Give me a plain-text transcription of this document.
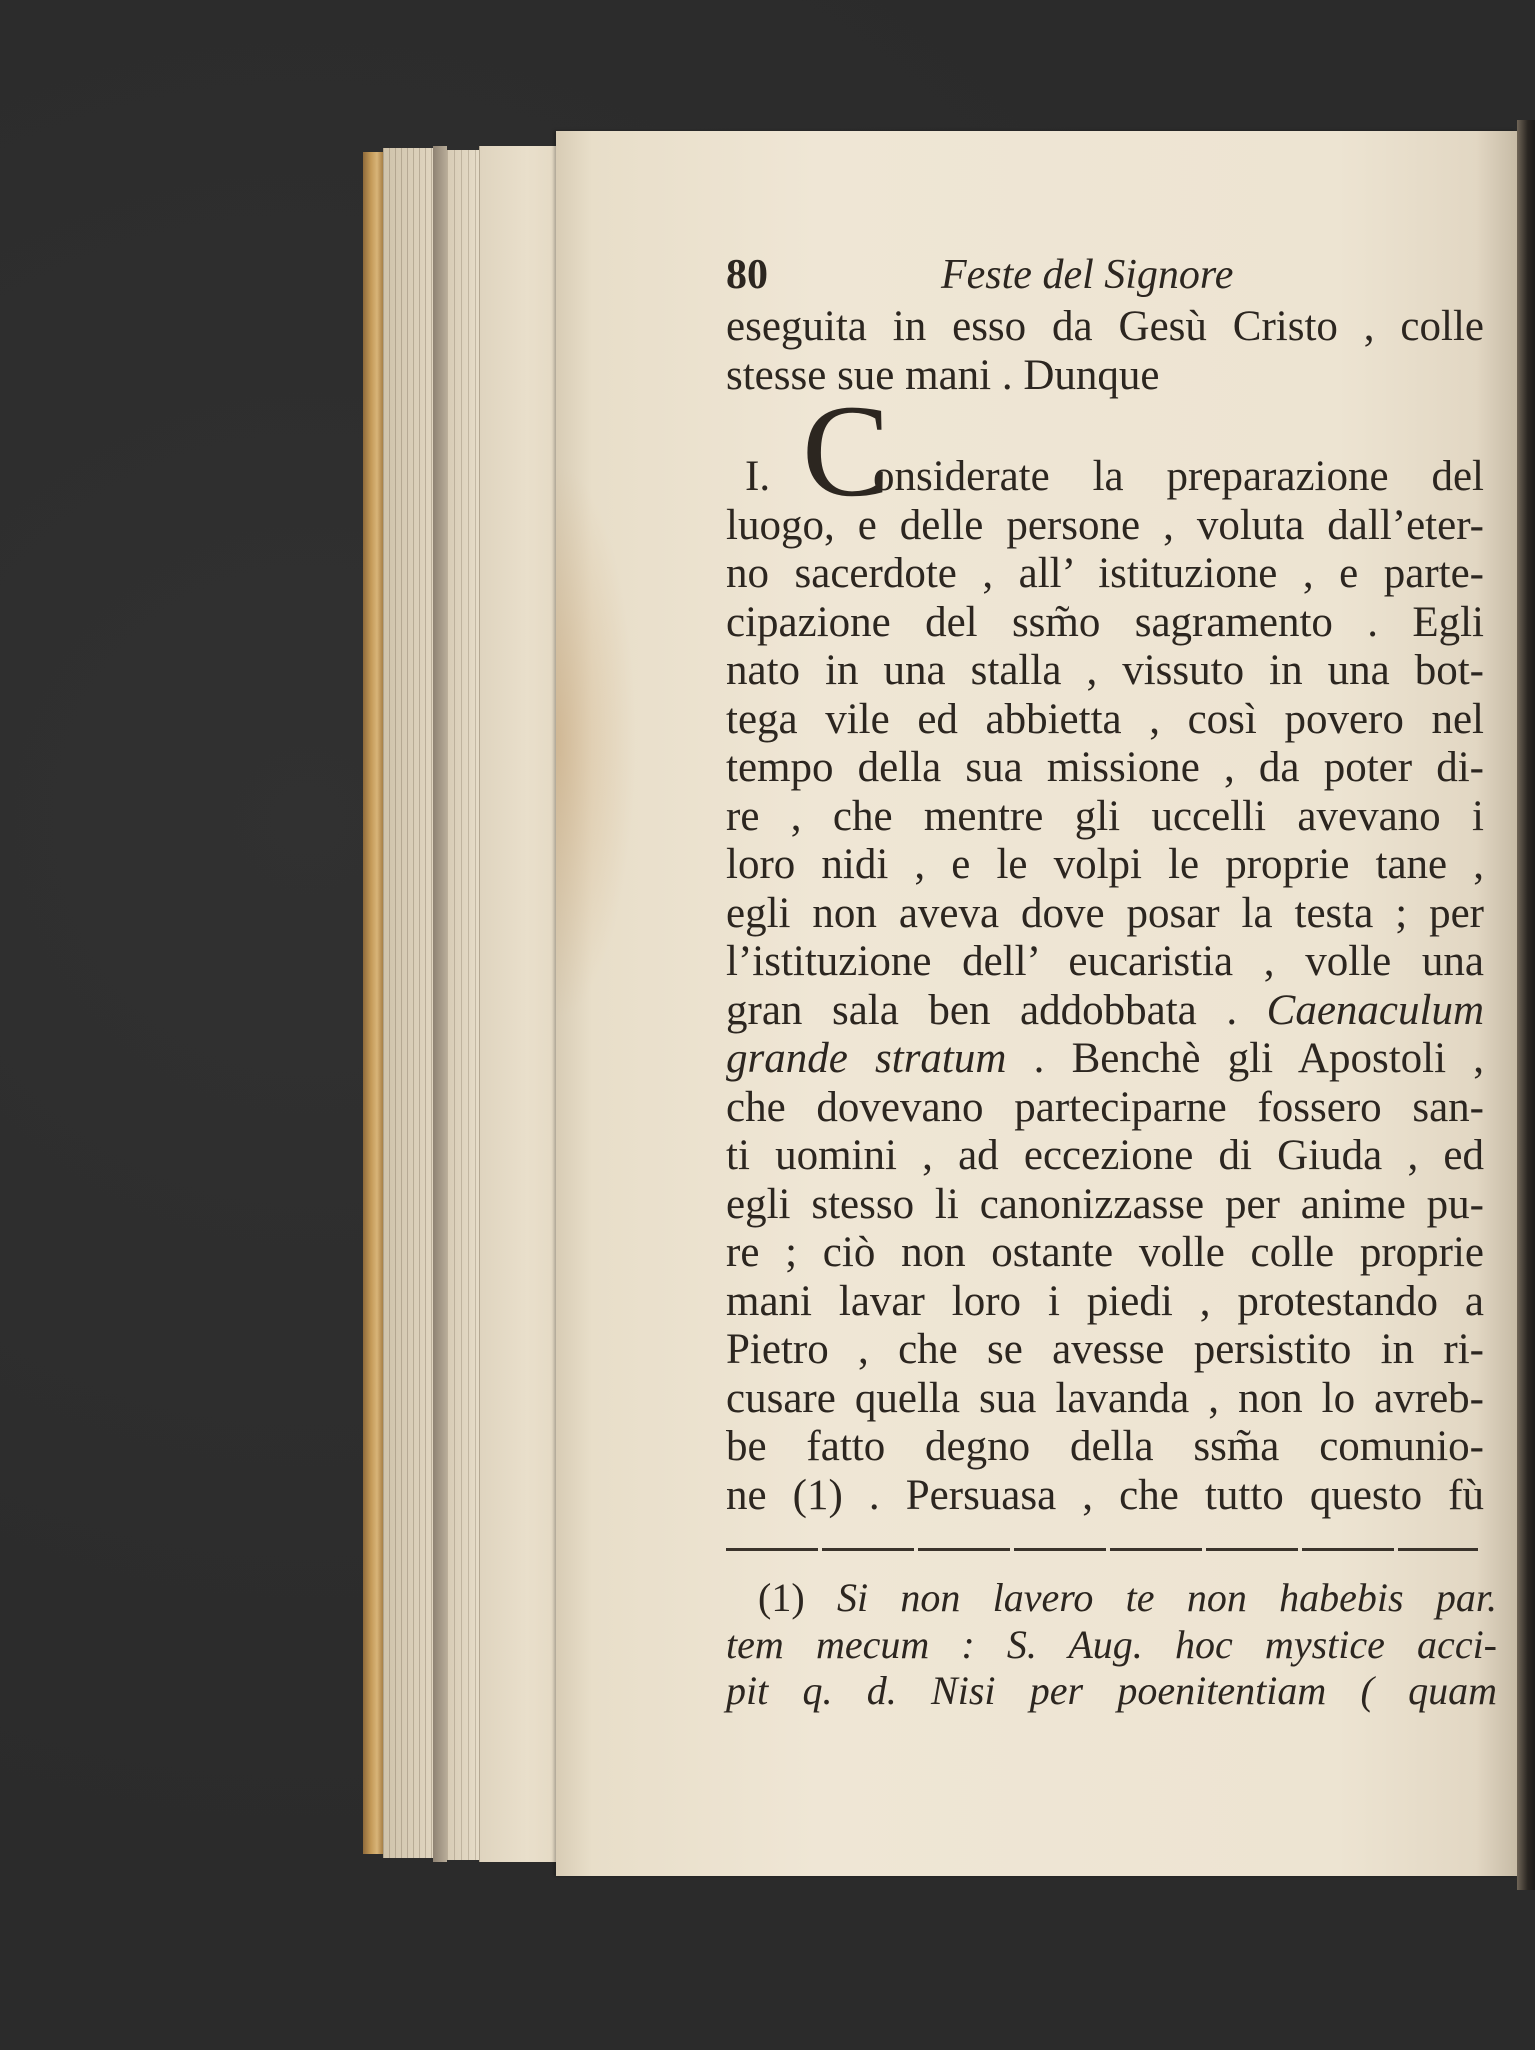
80	Feste del Signore
eseguita in esso da Gesù Cristo , colle
stesse sue mani . Dunque
I. C
onsiderate la preparazione del
luogo, e delle persone , voluta dall’eter-
no sacerdote , all’ istituzione , e parte-
cipazione del ssm̃o sagramento . Egli
nato in una stalla , vissuto in una bot-
tega vile ed abbietta , così povero nel
tempo della sua missione , da poter di-
re , che mentre gli uccelli avevano i
loro nidi , e le volpi le proprie tane ,
egli non aveva dove posar la testa ; per
l’istituzione dell’ eucaristia , volle una
gran sala ben addobbata . Caenaculum
grande stratum . Benchè gli Apostoli ,
che dovevano parteciparne fossero san-
ti uomini , ad eccezione di Giuda , ed
egli stesso li canonizzasse per anime pu-
re ; ciò non ostante volle colle proprie
mani lavar loro i piedi , protestando a
Pietro , che se avesse persistito in ri-
cusare quella sua lavanda , non lo avreb-
be fatto degno della ssm̃a comunio-
ne (1) . Persuasa , che tutto questo fù
(1) Si non lavero te non habebis par.
tem mecum : S. Aug. hoc mystice acci-
pit q. d. Nisi per poenitentiam ( quam
